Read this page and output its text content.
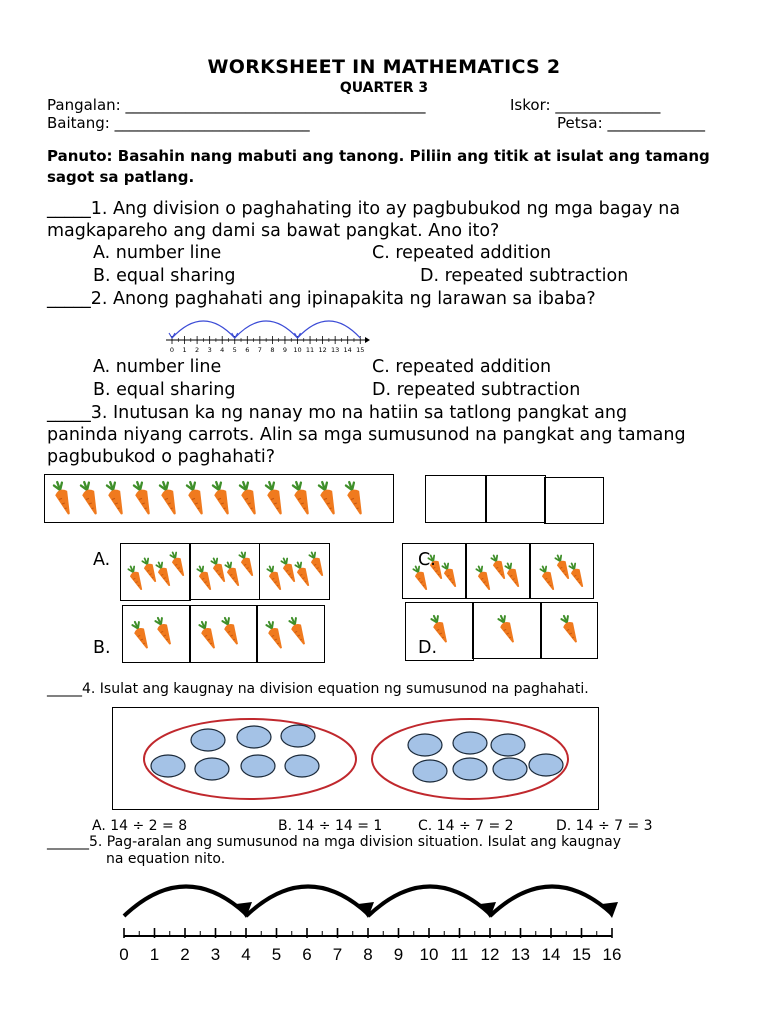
WORKSHEET IN MATHEMATICS 2
QUARTER 3
Pangalan: ________________________________________	Iskor: ______________
Baitang: __________________________	Petsa: _____________
Panuto: Basahin nang mabuti ang tanong. Piliin ang titik at isulat ang tamang sagot sa patlang.
_____1. Ang division o paghahating ito ay pagbubukod ng mga bagay na
magkapareho ang dami sa bawat pangkat. Ano ito?
A. number line	C. repeated addition
B. equal sharing	D. repeated subtraction
_____2. Anong paghahati ang ipinapakita ng larawan sa ibaba?
0 1 2 3 4 5 6 7 8 9 10 11 12 13 14 15
A. number line	C. repeated addition
B. equal sharing	D. repeated subtraction
_____3. Inutusan ka ng nanay mo na hatiin sa tatlong pangkat ang
paninda niyang carrots. Alin sa mga sumusunod na pangkat ang tamang
pagbubukod o paghahati?
A.	C.
B.	D.
_____4. Isulat ang kaugnay na division equation ng sumusunod na paghahati.
A. 14 ÷ 2 = 8	B. 14 ÷ 14 = 1	C. 14 ÷ 7 = 2	D. 14 ÷ 7 = 3
______5. Pag-aralan ang sumusunod na mga division situation. Isulat ang kaugnay
na equation nito.
0 1 2 3 4 5 6 7 8 9 10 11 12 13 14 15 16
